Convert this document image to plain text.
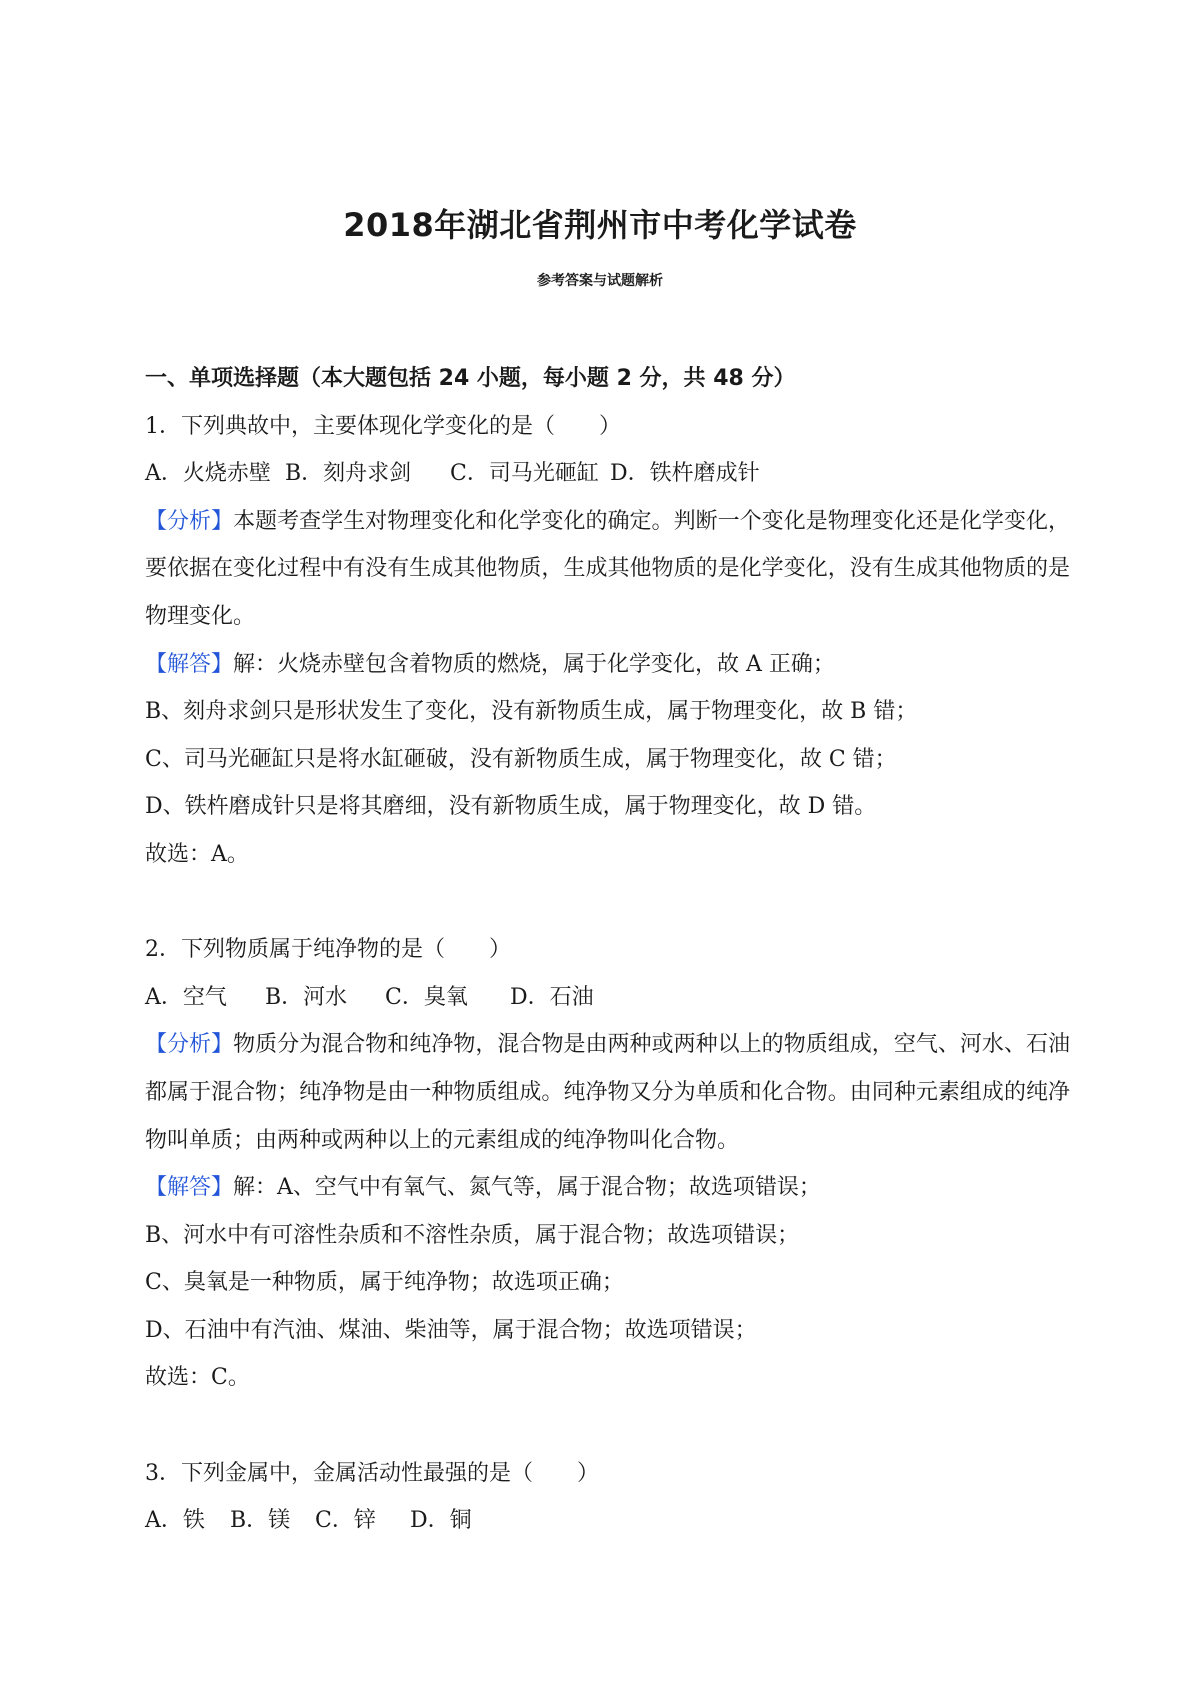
2018年湖北省荆州市中考化学试卷
参考答案与试题解析
一、单项选择题（本大题包括 24 小题，每小题 2 分，共 48 分）
1．下列典故中，主要体现化学变化的是（　　）
A．火烧赤壁 B．刻舟求剑 C．司马光砸缸 D．铁杵磨成针
【分析】本题考查学生对物理变化和化学变化的确定。判断一个变化是物理变化还是化学变化，要依据在变化过程中有没有生成其他物质，生成其他物质的是化学变化，没有生成其他物质的是物理变化。
【解答】解：火烧赤壁包含着物质的燃烧，属于化学变化，故 A 正确；
B、刻舟求剑只是形状发生了变化，没有新物质生成，属于物理变化，故 B 错；
C、司马光砸缸只是将水缸砸破，没有新物质生成，属于物理变化，故 C 错；
D、铁杵磨成针只是将其磨细，没有新物质生成，属于物理变化，故 D 错。
故选：A。
2．下列物质属于纯净物的是（　　）
A．空气 B．河水 C．臭氧 D．石油
【分析】物质分为混合物和纯净物，混合物是由两种或两种以上的物质组成，空气、河水、石油都属于混合物；纯净物是由一种物质组成。纯净物又分为单质和化合物。由同种元素组成的纯净物叫单质；由两种或两种以上的元素组成的纯净物叫化合物。
【解答】解：A、空气中有氧气、氮气等，属于混合物；故选项错误；
B、河水中有可溶性杂质和不溶性杂质，属于混合物；故选项错误；
C、臭氧是一种物质，属于纯净物；故选项正确；
D、石油中有汽油、煤油、柴油等，属于混合物；故选项错误；
故选：C。
3．下列金属中，金属活动性最强的是（　　）
A．铁 B．镁 C．锌 D．铜
